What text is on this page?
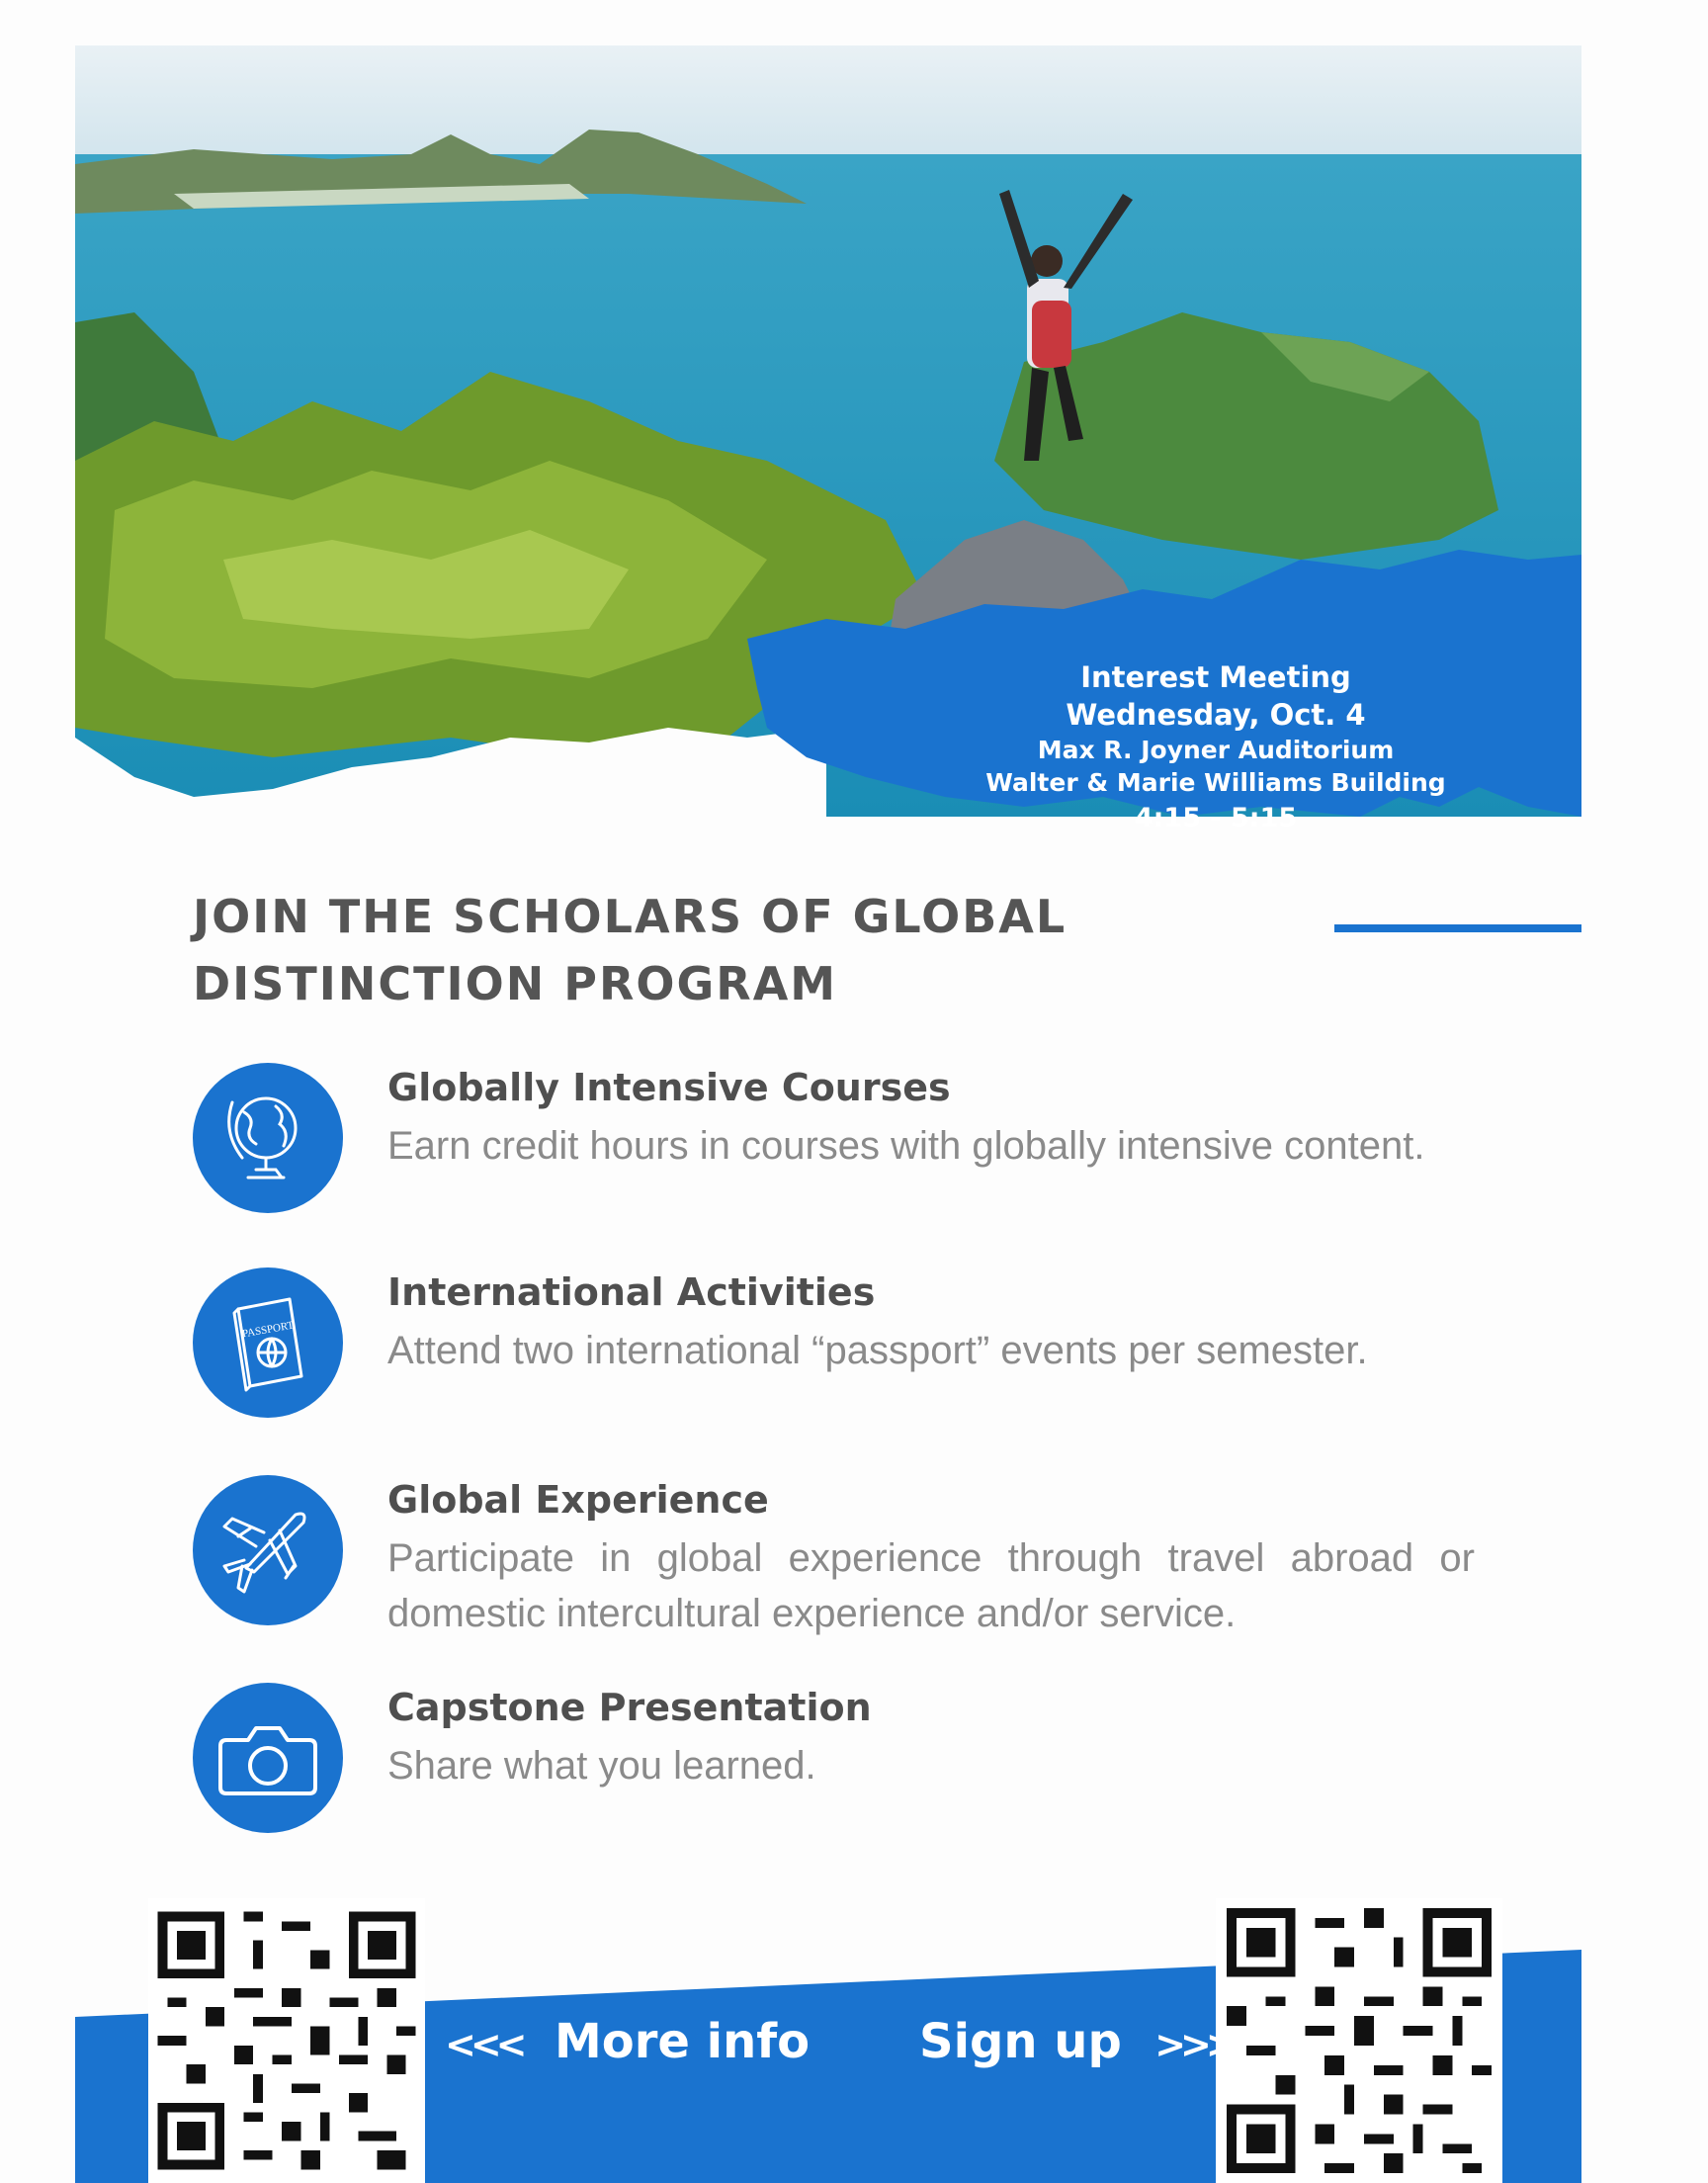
Interest Meeting
Wednesday, Oct. 4
Max R. Joyner Auditorium
Walter & Marie Williams Building
4:15 - 5:15
JOIN THE SCHOLARS OF GLOBAL
DISTINCTION PROGRAM
Globally Intensive Courses
Earn credit hours in courses with globally intensive content.
PASSPORT
International Activities
Attend two international “passport” events per semester.
Global Experience
Participate in global experience through travel abroad or domestic intercultural experience and/or service.
Capstone Presentation
Share what you learned.
<<< More info Sign up >>>
